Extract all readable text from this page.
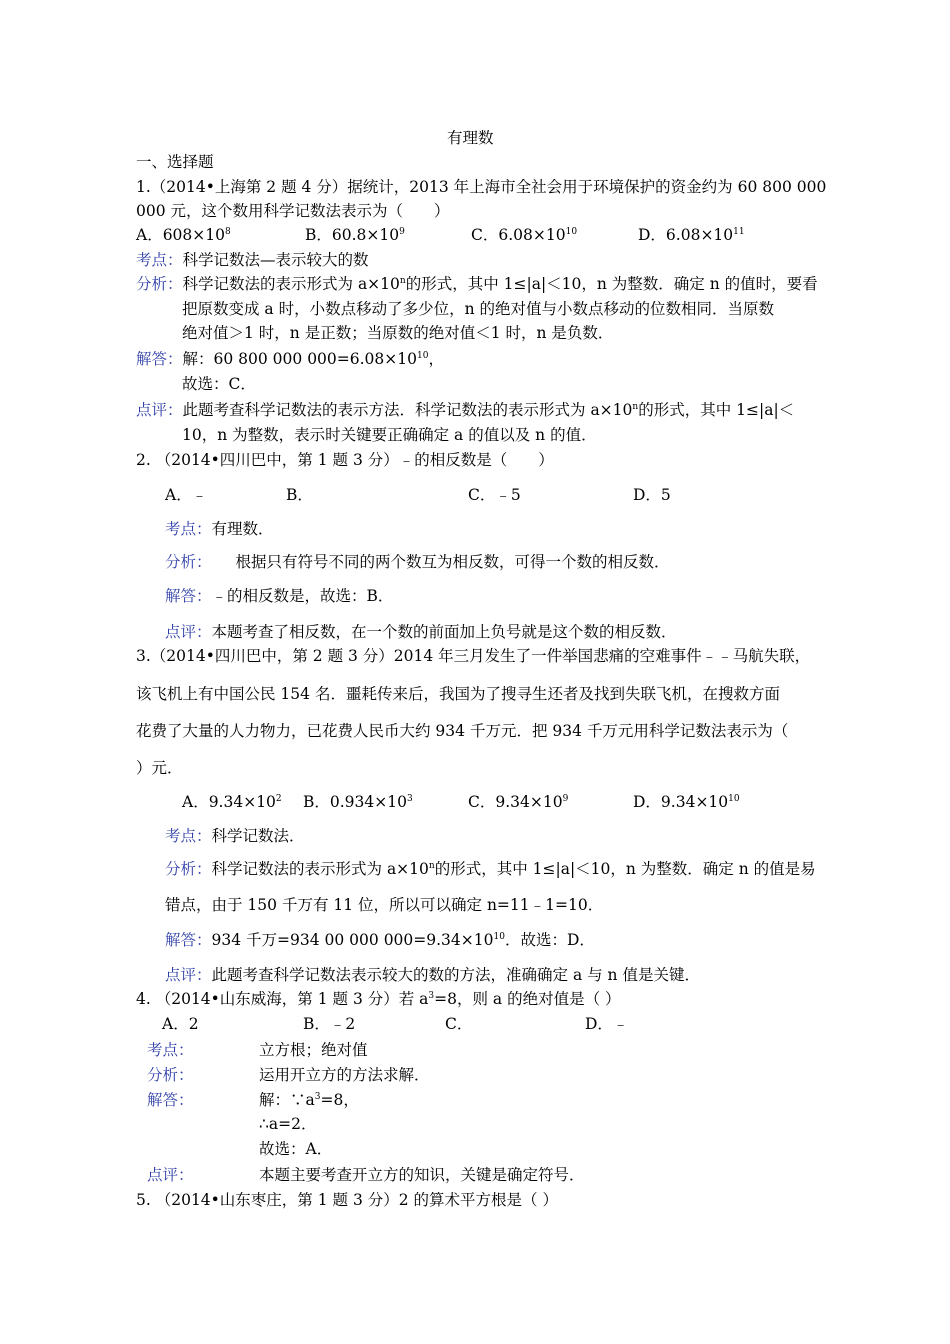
有理数
一、选择题
1.（2014•上海第 2 题 4 分）据统计，2013 年上海市全社会用于环境保护的资金约为 60 800 000
000 元，这个数用科学记数法表示为（　　）
A．$608\times 10^8$	B．$60.8\times 10^9$	C．$6.08\times 10^{10}$	D．$6.08\times 10^{11}$
考点：科学记数法—表示较大的数
分析：科学记数法的表示形式为 $a\times 10^n$的形式，其中 1≤|a|＜10，n 为整数．确定 n 的值时，要看
把原数变成 a 时，小数点移动了多少位，n 的绝对值与小数点移动的位数相同．当原数
绝对值＞1 时，n 是正数；当原数的绝对值＜1 时，n 是负数．
解答：解：60 800 000 $000=6.08\times 10^{10}$，
故选：C．
点评：此题考查科学记数法的表示方法．科学记数法的表示形式为 $a\times 10^n$的形式，其中 1≤|a|＜
10，n 为整数，表示时关键要正确确定 a 的值以及 n 的值．
2. （2014•四川巴中，第 1 题 3 分）﹣的相反数是（　　）
A．﹣	B．	C．﹣5	D．5
考点：有理数．
分析： 根据只有符号不同的两个数互为相反数，可得一个数的相反数．
解答：﹣的相反数是，故选：B．
点评：本题考查了相反数，在一个数的前面加上负号就是这个数的相反数．
3.（2014•四川巴中，第 2 题 3 分）2014 年三月发生了一件举国悲痛的空难事件﹣﹣马航失联，
该飞机上有中国公民 154 名．噩耗传来后，我国为了搜寻生还者及找到失联飞机，在搜救方面
花费了大量的人力物力，已花费人民币大约 934 千万元．把 934 千万元用科学记数法表示为（
）元．
A．$9.34\times 10^2$ B．$0.934\times 10^3$	C．$9.34\times 10^9$	D．$9.34\times 10^{10}$
考点：科学记数法．
分析：科学记数法的表示形式为 $a\times 10^n$的形式，其中 1≤|a|＜10，n 为整数．确定 n 的值是易
错点，由于 150 千万有 11 位，所以可以确定 n=11﹣1=10．
解答：934 千万=934 00 000 $000=9.34\times 10^{10}$．故选：D．
点评：此题考查科学记数法表示较大的数的方法，准确确定 a 与 n 值是关键．
4. （2014•山东威海，第 1 题 3 分）若 $a^3=8$，则 a 的绝对值是（ ）
A．2	B．﹣2	C．	D．﹣
考点：	立方根；绝对值
分析：	运用开立方的方法求解．
解答：	解：$\because a^3=8$，
∴a=2．
故选：A．
点评：	本题主要考查开立方的知识，关键是确定符号．
5. （2014•山东枣庄，第 1 题 3 分）2 的算术平方根是（ ）
